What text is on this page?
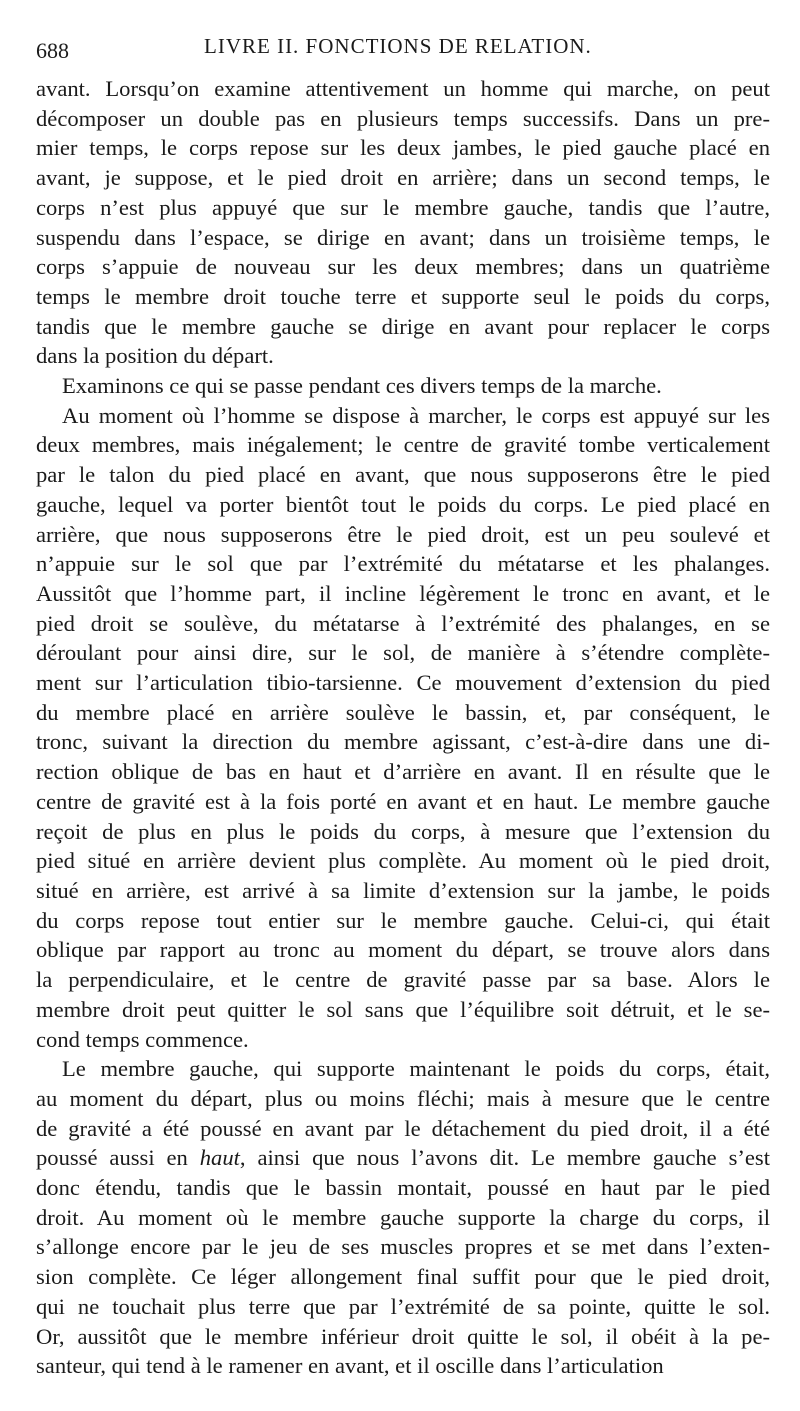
688	LIVRE II. FONCTIONS DE RELATION.

avant. Lorsqu’on examine attentivement un homme qui marche, on peut
décomposer un double pas en plusieurs temps successifs. Dans un pre-
mier temps, le corps repose sur les deux jambes, le pied gauche placé en
avant, je suppose, et le pied droit en arrière; dans un second temps, le
corps n’est plus appuyé que sur le membre gauche, tandis que l’autre,
suspendu dans l’espace, se dirige en avant; dans un troisième temps, le
corps s’appuie de nouveau sur les deux membres; dans un quatrième
temps le membre droit touche terre et supporte seul le poids du corps,
tandis que le membre gauche se dirige en avant pour replacer le corps
dans la position du départ.

Examinons ce qui se passe pendant ces divers temps de la marche.

Au moment où l’homme se dispose à marcher, le corps est appuyé sur les
deux membres, mais inégalement; le centre de gravité tombe verticalement
par le talon du pied placé en avant, que nous supposerons être le pied
gauche, lequel va porter bientôt tout le poids du corps. Le pied placé en
arrière, que nous supposerons être le pied droit, est un peu soulevé et
n’appuie sur le sol que par l’extrémité du métatarse et les phalanges.
Aussitôt que l’homme part, il incline légèrement le tronc en avant, et le
pied droit se soulève, du métatarse à l’extrémité des phalanges, en se
déroulant pour ainsi dire, sur le sol, de manière à s’étendre complète-
ment sur l’articulation tibio-tarsienne. Ce mouvement d’extension du pied
du membre placé en arrière soulève le bassin, et, par conséquent, le
tronc, suivant la direction du membre agissant, c’est-à-dire dans une di-
rection oblique de bas en haut et d’arrière en avant. Il en résulte que le
centre de gravité est à la fois porté en avant et en haut. Le membre gauche
reçoit de plus en plus le poids du corps, à mesure que l’extension du
pied situé en arrière devient plus complète. Au moment où le pied droit,
situé en arrière, est arrivé à sa limite d’extension sur la jambe, le poids
du corps repose tout entier sur le membre gauche. Celui-ci, qui était
oblique par rapport au tronc au moment du départ, se trouve alors dans
la perpendiculaire, et le centre de gravité passe par sa base. Alors le
membre droit peut quitter le sol sans que l’équilibre soit détruit, et le se-
cond temps commence.

Le membre gauche, qui supporte maintenant le poids du corps, était,
au moment du départ, plus ou moins fléchi; mais à mesure que le centre
de gravité a été poussé en avant par le détachement du pied droit, il a été
poussé aussi en haut, ainsi que nous l’avons dit. Le membre gauche s’est
donc étendu, tandis que le bassin montait, poussé en haut par le pied
droit. Au moment où le membre gauche supporte la charge du corps, il
s’allonge encore par le jeu de ses muscles propres et se met dans l’exten-
sion complète. Ce léger allongement final suffit pour que le pied droit,
qui ne touchait plus terre que par l’extrémité de sa pointe, quitte le sol.
Or, aussitôt que le membre inférieur droit quitte le sol, il obéit à la pe-
santeur, qui tend à le ramener en avant, et il oscille dans l’articulation
